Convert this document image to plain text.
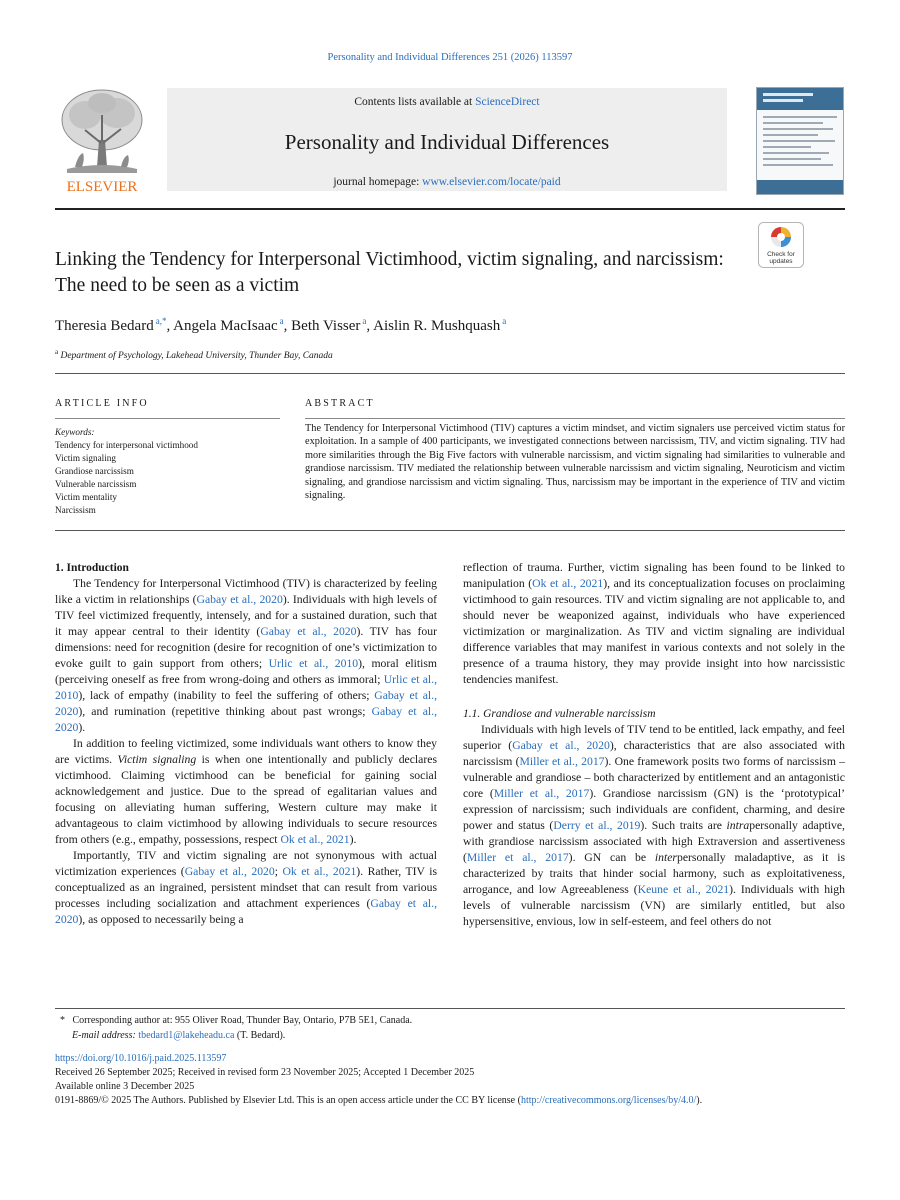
Personality and Individual Differences 251 (2026) 113597
ELSEVIER
Contents lists available at ScienceDirect
Personality and Individual Differences
journal homepage: www.elsevier.com/locate/paid
Linking the Tendency for Interpersonal Victimhood, victim signaling, and narcissism: The need to be seen as a victim
Check for
updates
Theresia Bedard $^{a,*}$, Angela MacIsaac $^a$, Beth Visser $^a$, Aislin R. Mushquash $^a$
$^a$ Department of Psychology, Lakehead University, Thunder Bay, Canada
ARTICLE INFO	ABSTRACT
Keywords:
Tendency for interpersonal victimhood
Victim signaling
Grandiose narcissism
Vulnerable narcissism
Victim mentality
Narcissism
The Tendency for Interpersonal Victimhood (TIV) captures a victim mindset, and victim signalers use perceived victim status for exploitation. In a sample of 400 participants, we investigated connections between narcissism, TIV, and victim signaling. TIV had more similarities through the Big Five factors with vulnerable narcissism, and victim signaling had similarities to vulnerable and grandiose narcissism. TIV mediated the relationship between vulnerable narcissism and victim signaling, Neuroticism and victim signaling, and grandiose narcissism and victim signaling. Thus, narcissism may be important in the experience of TIV and victim signaling.

1. Introduction

The Tendency for Interpersonal Victimhood (TIV) is characterized by feeling like a victim in relationships (Gabay et al., 2020). Individuals with high levels of TIV feel victimized frequently, intensely, and for a sustained duration, such that it may appear central to their identity (Gabay et al., 2020). TIV has four dimensions: need for recognition (desire for recognition of one’s victimization to evoke guilt to gain support from others; Urlic et al., 2010), moral elitism (perceiving oneself as free from wrong-doing and others as immoral; Urlic et al., 2010), lack of empathy (inability to feel the suffering of others; Gabay et al., 2020), and rumination (repetitive thinking about past wrongs; Gabay et al., 2020).

In addition to feeling victimized, some individuals want others to know they are victims. Victim signaling is when one intentionally and publicly declares victimhood. Claiming victimhood can be beneficial for gaining social acknowledgement and justice. Due to the spread of egalitarian values and focusing on alleviating human suffering, Western culture may make it advantageous to claim victimhood by allowing individuals to secure resources from others (e.g., empathy, possessions, respect Ok et al., 2021).

Importantly, TIV and victim signaling are not synonymous with actual victimization experiences (Gabay et al., 2020; Ok et al., 2021). Rather, TIV is conceptualized as an ingrained, persistent mindset that can result from various processes including socialization and attachment experiences (Gabay et al., 2020), as opposed to necessarily being a

reflection of trauma. Further, victim signaling has been found to be linked to manipulation (Ok et al., 2021), and its conceptualization focuses on proclaiming victimhood to gain resources. TIV and victim signaling are not applicable to, and should never be weaponized against, individuals who have experienced victimization or marginalization. As TIV and victim signaling are individual difference variables that may manifest in various contexts and not solely in the presence of a trauma history, they may provide insight into how narcissistic tendencies manifest.

1.1. Grandiose and vulnerable narcissism

Individuals with high levels of TIV tend to be entitled, lack empathy, and feel superior (Gabay et al., 2020), characteristics that are also associated with narcissism (Miller et al., 2017). One framework posits two forms of narcissism – vulnerable and grandiose – both characterized by entitlement and an antagonistic core (Miller et al., 2017). Grandiose narcissism (GN) is the ‘prototypical’ expression of narcissism; such individuals are confident, charming, and desire power and status (Derry et al., 2019). Such traits are intrapersonally adaptive, with grandiose narcissism associated with high Extraversion and assertiveness (Miller et al., 2017). GN can be interpersonally maladaptive, as it is characterized by traits that hinder social harmony, such as exploitativeness, arrogance, and low Agreeableness (Keune et al., 2021). Individuals with high levels of vulnerable narcissism (VN) are similarly entitled, but also hypersensitive, envious, low in self-esteem, and feel others do not

* Corresponding author at: 955 Oliver Road, Thunder Bay, Ontario, P7B 5E1, Canada.
E-mail address: tbedard1@lakeheadu.ca (T. Bedard).
https://doi.org/10.1016/j.paid.2025.113597
Received 26 September 2025; Received in revised form 23 November 2025; Accepted 1 December 2025
Available online 3 December 2025
0191-8869/© 2025 The Authors. Published by Elsevier Ltd. This is an open access article under the CC BY license (http://creativecommons.org/licenses/by/4.0/).
